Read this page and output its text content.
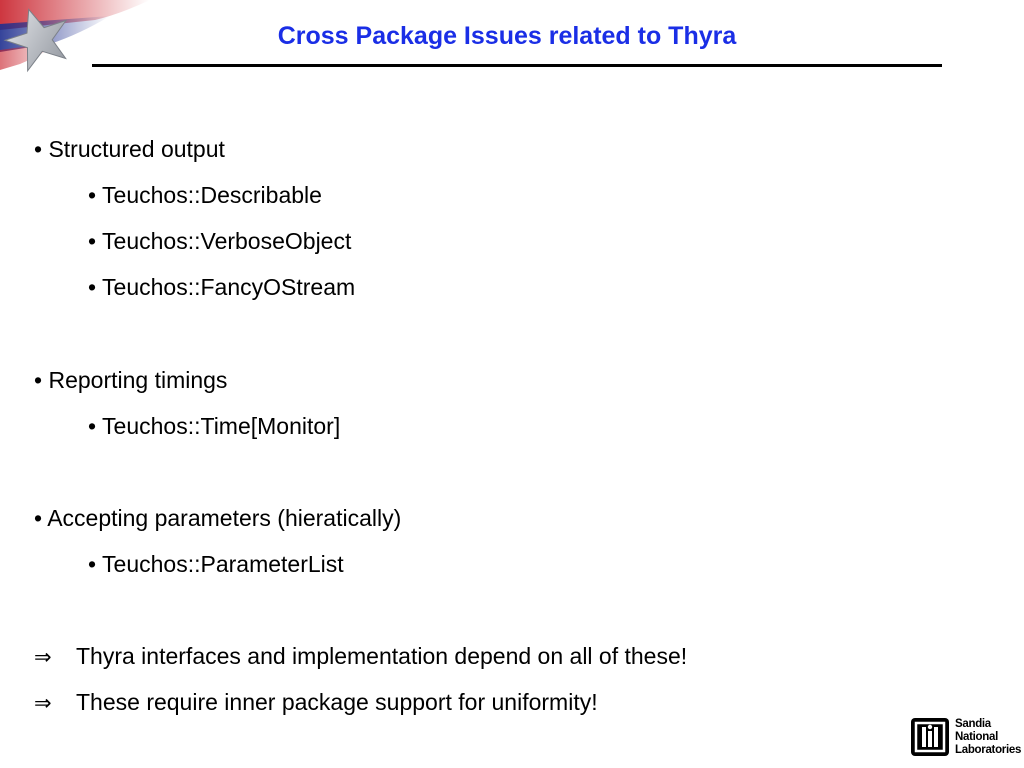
Cross Package Issues related to Thyra
• Structured output
• Teuchos::Describable
• Teuchos::VerboseObject
• Teuchos::FancyOStream
• Reporting timings
• Teuchos::Time[Monitor]
• Accepting parameters (hieratically)
• Teuchos::ParameterList
⇒ Thyra interfaces and implementation depend on all of these!
⇒ These require inner package support for uniformity!
Sandia
National
Laboratories
